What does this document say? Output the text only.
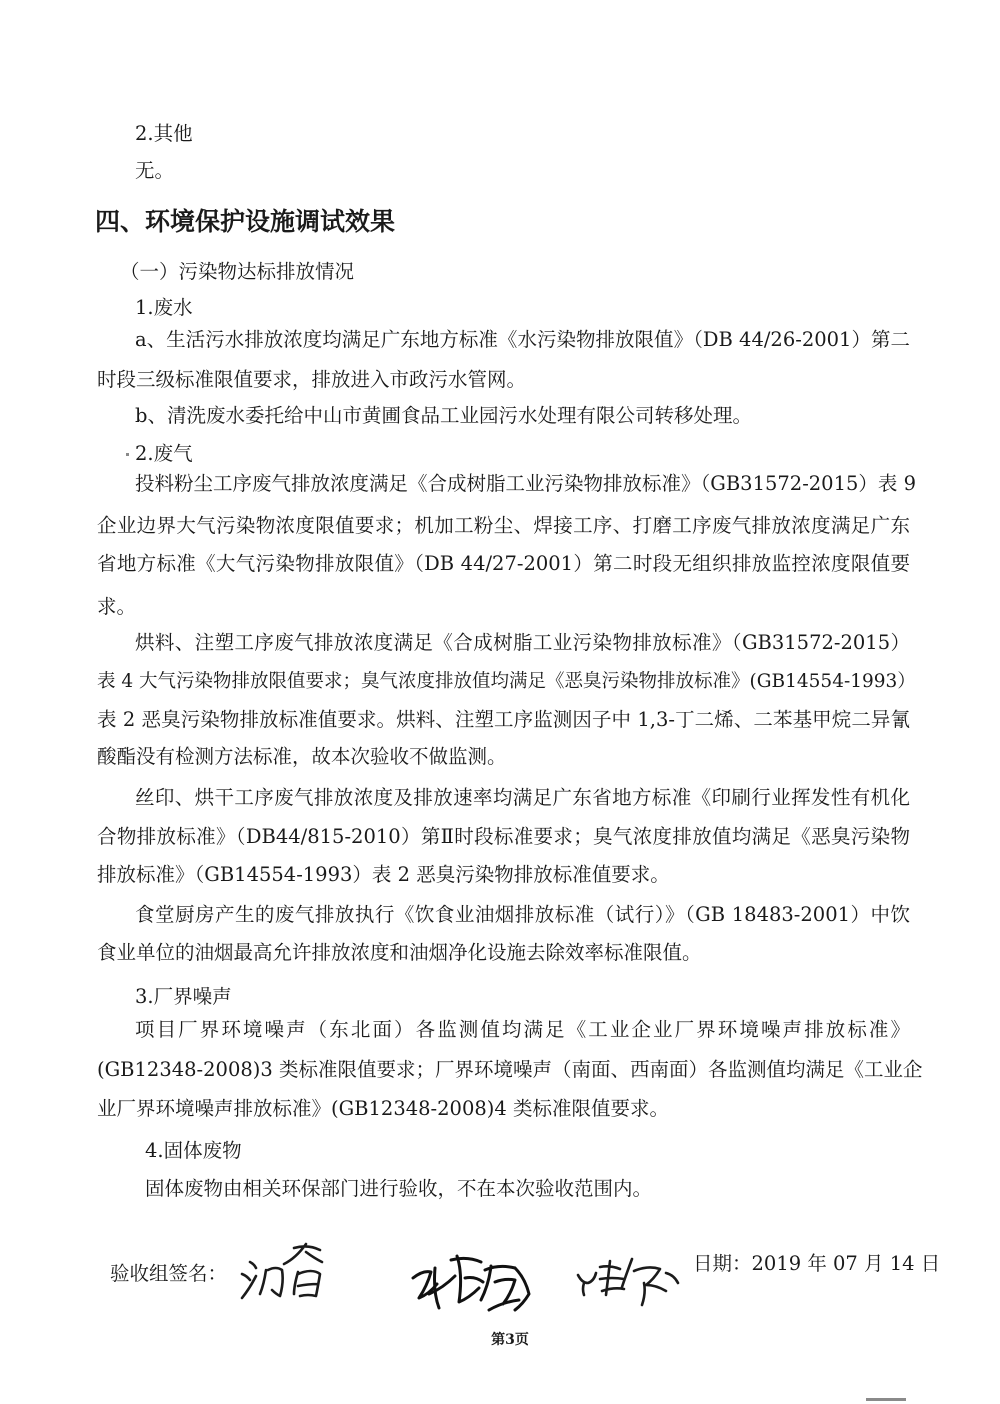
2.其他
无。
四、环境保护设施调试效果
（一）污染物达标排放情况
1.废水
a、生活污水排放浓度均满足广东地方标准《水污染物排放限值》（DB 44/26-2001）第二
时段三级标准限值要求，排放进入市政污水管网。
b、清洗废水委托给中山市黄圃食品工业园污水处理有限公司转移处理。
2.废气
投料粉尘工序废气排放浓度满足《合成树脂工业污染物排放标准》（GB31572-2015）表 9
企业边界大气污染物浓度限值要求；机加工粉尘、焊接工序、打磨工序废气排放浓度满足广东
省地方标准《大气污染物排放限值》（DB 44/27-2001）第二时段无组织排放监控浓度限值要
求。
烘料、注塑工序废气排放浓度满足《合成树脂工业污染物排放标准》（GB31572-2015）
表 4 大气污染物排放限值要求；臭气浓度排放值均满足《恶臭污染物排放标准》(GB14554-1993）
表 2 恶臭污染物排放标准值要求。烘料、注塑工序监测因子中 1,3-丁二烯、二苯基甲烷二异氰
酸酯没有检测方法标准，故本次验收不做监测。
丝印、烘干工序废气排放浓度及排放速率均满足广东省地方标准《印刷行业挥发性有机化
合物排放标准》（DB44/815-2010）第Ⅱ时段标准要求；臭气浓度排放值均满足《恶臭污染物
排放标准》（GB14554-1993）表 2 恶臭污染物排放标准值要求。
食堂厨房产生的废气排放执行《饮食业油烟排放标准（试行）》（GB 18483-2001）中饮
食业单位的油烟最高允许排放浓度和油烟净化设施去除效率标准限值。
3.厂界噪声
项目厂界环境噪声（东北面）各监测值均满足《工业企业厂界环境噪声排放标准》
(GB12348-2008)3 类标准限值要求；厂界环境噪声（南面、西南面）各监测值均满足《工业企
业厂界环境噪声排放标准》(GB12348-2008)4 类标准限值要求。
4.固体废物
固体废物由相关环保部门进行验收，不在本次验收范围内。
验收组签名：	日期：2019 年 07 月 14 日
第3页
